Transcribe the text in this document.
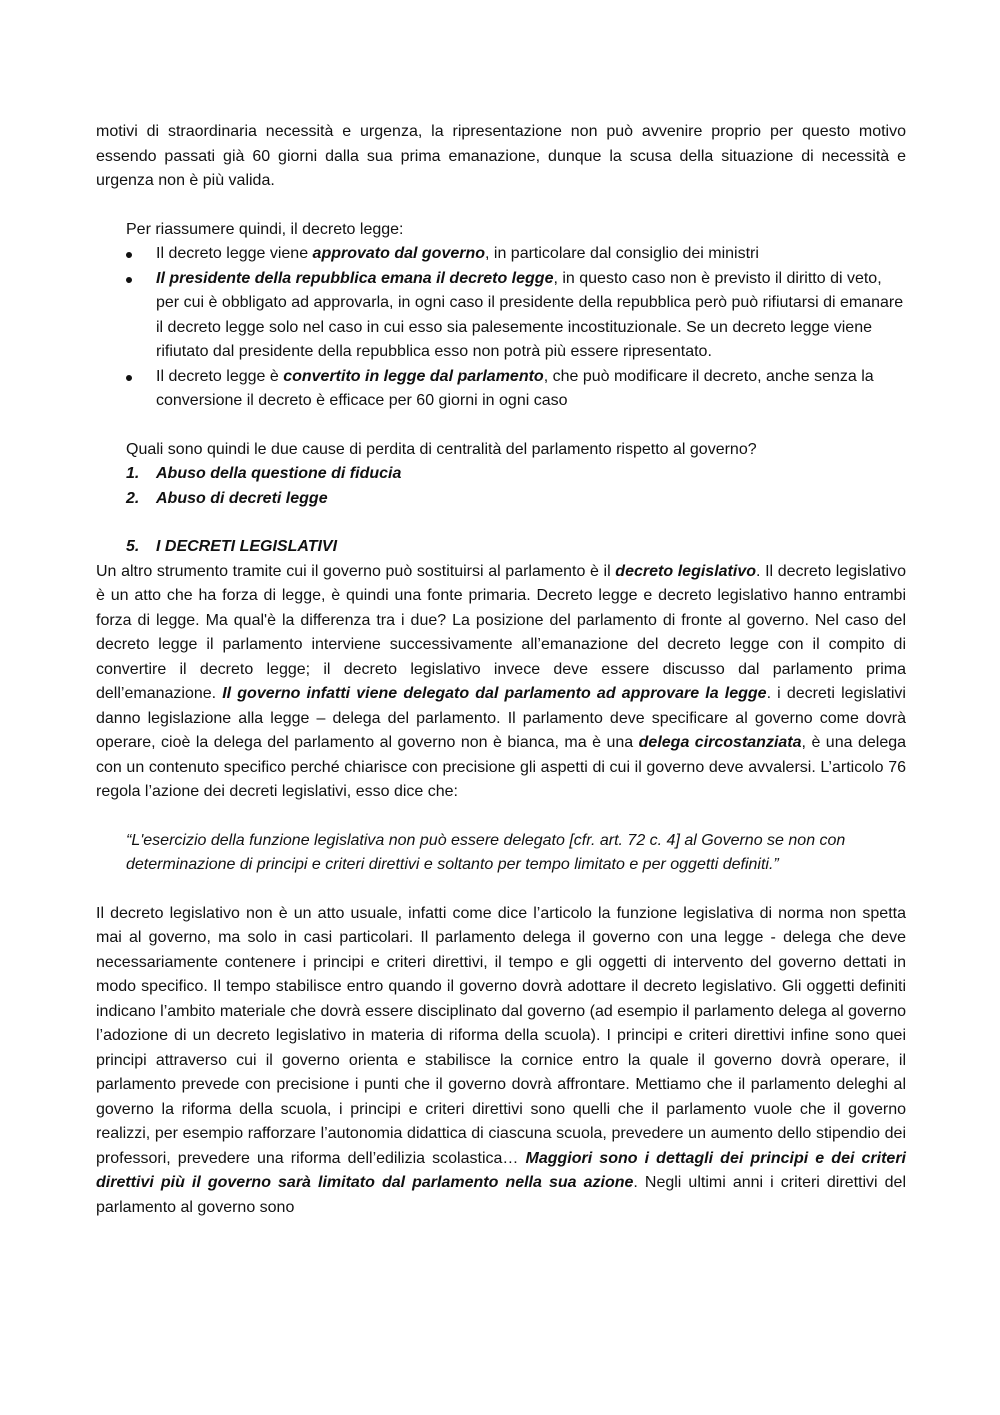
motivi di straordinaria necessità e urgenza, la ripresentazione non può avvenire proprio per questo motivo essendo passati già 60 giorni dalla sua prima emanazione, dunque la scusa della situazione di necessità e urgenza non è più valida.

Per riassumere quindi, il decreto legge:

Il decreto legge viene approvato dal governo, in particolare dal consiglio dei ministri
Il presidente della repubblica emana il decreto legge, in questo caso non è previsto il diritto di veto, per cui è obbligato ad approvarla, in ogni caso il presidente della repubblica però può rifiutarsi di emanare il decreto legge solo nel caso in cui esso sia palesemente incostituzionale. Se un decreto legge viene rifiutato dal presidente della repubblica esso non potrà più essere ripresentato.
Il decreto legge è convertito in legge dal parlamento, che può modificare il decreto, anche senza la conversione il decreto è efficace per 60 giorni in ogni caso

Quali sono quindi le due cause di perdita di centralità del parlamento rispetto al governo?

1. Abuso della questione di fiducia
2. Abuso di decreti legge

5. I DECRETI LEGISLATIVI

Un altro strumento tramite cui il governo può sostituirsi al parlamento è il decreto legislativo. Il decreto legislativo è un atto che ha forza di legge, è quindi una fonte primaria. Decreto legge e decreto legislativo hanno entrambi forza di legge. Ma qual'è la differenza tra i due? La posizione del parlamento di fronte al governo. Nel caso del decreto legge il parlamento interviene successivamente all’emanazione del decreto legge con il compito di convertire il decreto legge; il decreto legislativo invece deve essere discusso dal parlamento prima dell’emanazione. Il governo infatti viene delegato dal parlamento ad approvare la legge. i decreti legislativi danno legislazione alla legge – delega del parlamento. Il parlamento deve specificare al governo come dovrà operare, cioè la delega del parlamento al governo non è bianca, ma è una delega circostanziata, è una delega con un contenuto specifico perché chiarisce con precisione gli aspetti di cui il governo deve avvalersi. L’articolo 76 regola l’azione dei decreti legislativi, esso dice che:

“L'esercizio della funzione legislativa non può essere delegato [cfr. art. 72 c. 4] al Governo se non con determinazione di principi e criteri direttivi e soltanto per tempo limitato e per oggetti definiti.”

Il decreto legislativo non è un atto usuale, infatti come dice l’articolo la funzione legislativa di norma non spetta mai al governo, ma solo in casi particolari. Il parlamento delega il governo con una legge - delega che deve necessariamente contenere i principi e criteri direttivi, il tempo e gli oggetti di intervento del governo dettati in modo specifico. Il tempo stabilisce entro quando il governo dovrà adottare il decreto legislativo. Gli oggetti definiti indicano l’ambito materiale che dovrà essere disciplinato dal governo (ad esempio il parlamento delega al governo l’adozione di un decreto legislativo in materia di riforma della scuola). I principi e criteri direttivi infine sono quei principi attraverso cui il governo orienta e stabilisce la cornice entro la quale il governo dovrà operare, il parlamento prevede con precisione i punti che il governo dovrà affrontare. Mettiamo che il parlamento deleghi al governo la riforma della scuola, i principi e criteri direttivi sono quelli che il parlamento vuole che il governo realizzi, per esempio rafforzare l’autonomia didattica di ciascuna scuola, prevedere un aumento dello stipendio dei professori, prevedere una riforma dell’edilizia scolastica… Maggiori sono i dettagli dei principi e dei criteri direttivi più il governo sarà limitato dal parlamento nella sua azione. Negli ultimi anni i criteri direttivi del parlamento al governo sono
